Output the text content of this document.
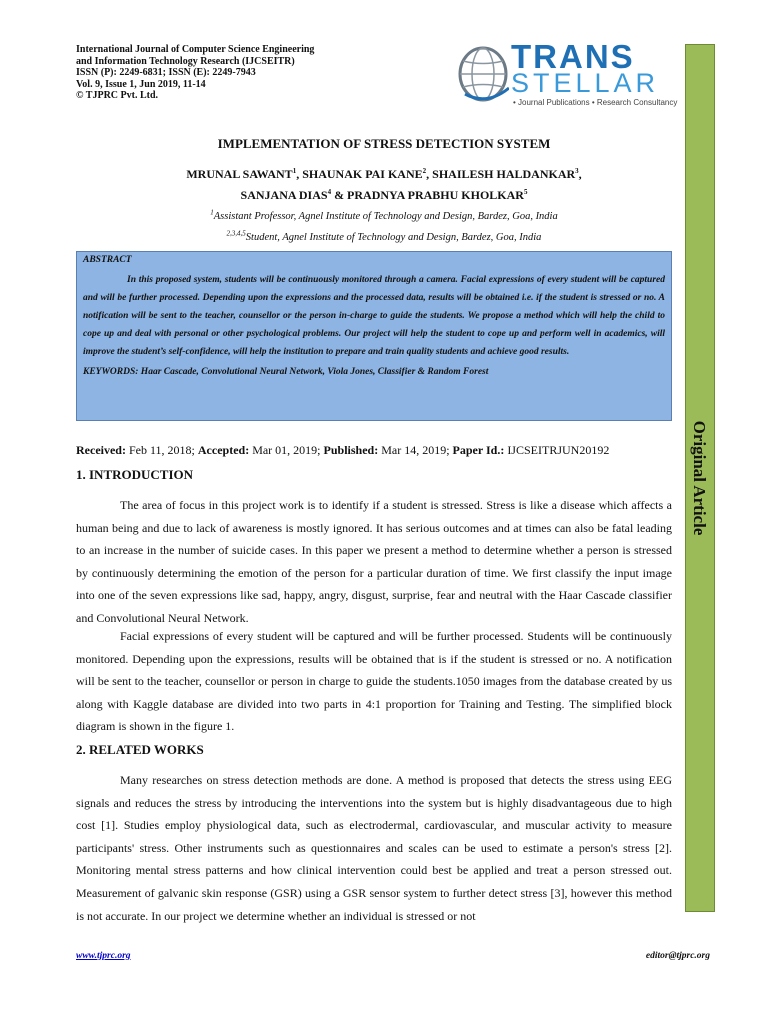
International Journal of Computer Science Engineering
and Information Technology Research (IJCSEITR)
ISSN (P): 2249-6831; ISSN (E): 2249-7943
Vol. 9, Issue 1, Jun 2019, 11-14
© TJPRC Pvt. Ltd.
TRANS
STELLAR
• Journal Publications • Research Consultancy
Original Article
IMPLEMENTATION OF STRESS DETECTION SYSTEM
MRUNAL SAWANT$^1$, SHAUNAK PAI KANE$^2$, SHAILESH HALDANKAR$^3$,
SANJANA DIAS$^4$ & PRADNYA PRABHU KHOLKAR$^5$
$^1$Assistant Professor, Agnel Institute of Technology and Design, Bardez, Goa, India
$^{2,3,4,5}$Student, Agnel Institute of Technology and Design, Bardez, Goa, India
ABSTRACT

In this proposed system, students will be continuously monitored through a camera. Facial expressions of every student will be captured and will be further processed. Depending upon the expressions and the processed data, results will be obtained i.e. if the student is stressed or no. A notification will be sent to the teacher, counsellor or the person in-charge to guide the students. We propose a method which will help the child to cope up and deal with personal or other psychological problems. Our project will help the student to cope up and perform well in academics, will improve the student’s self-confidence, will help the institution to prepare and train quality students and achieve good results.

KEYWORDS: Haar Cascade, Convolutional Neural Network, Viola Jones, Classifier & Random Forest
Received: Feb 11, 2018; Accepted: Mar 01, 2019; Published: Mar 14, 2019; Paper Id.: IJCSEITRJUN20192
1. INTRODUCTION

The area of focus in this project work is to identify if a student is stressed. Stress is like a disease which affects a human being and due to lack of awareness is mostly ignored. It has serious outcomes and at times can also be fatal leading to an increase in the number of suicide cases. In this paper we present a method to determine whether a person is stressed by continuously determining the emotion of the person for a particular duration of time. We first classify the input image into one of the seven expressions like sad, happy, angry, disgust, surprise, fear and neutral with the Haar Cascade classifier and Convolutional Neural Network.

Facial expressions of every student will be captured and will be further processed. Students will be continuously monitored. Depending upon the expressions, results will be obtained that is if the student is stressed or no. A notification will be sent to the teacher, counsellor or person in charge to guide the students.1050 images from the database created by us along with Kaggle database are divided into two parts in 4:1 proportion for Training and Testing. The simplified block diagram is shown in the figure 1.

2. RELATED WORKS

Many researches on stress detection methods are done. A method is proposed that detects the stress using EEG signals and reduces the stress by introducing the interventions into the system but is highly disadvantageous due to high cost [1]. Studies employ physiological data, such as electrodermal, cardiovascular, and muscular activity to measure participants' stress. Other instruments such as questionnaires and scales can be used to estimate a person's stress [2]. Monitoring mental stress patterns and how clinical intervention could best be applied and treat a person stressed out. Measurement of galvanic skin response (GSR) using a GSR sensor system to further detect stress [3], however this method is not accurate. In our project we determine whether an individual is stressed or not

www.tjprc.org	editor@tjprc.org
